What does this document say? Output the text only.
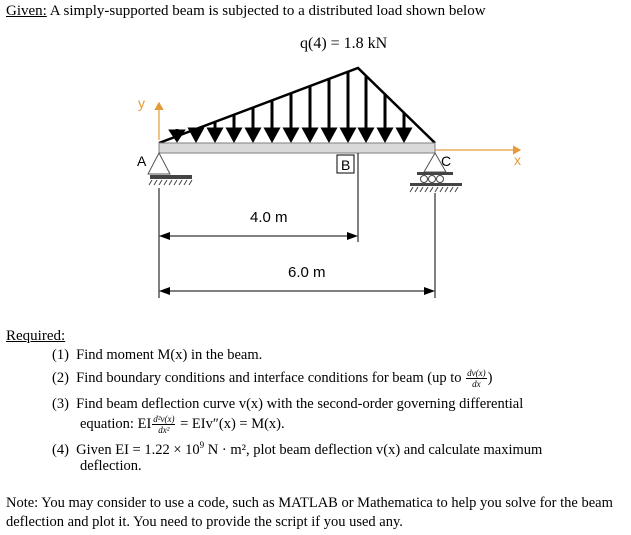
Given: A simply-supported beam is subjected to a distributed load shown below
q(4) = 1.8 kN
y
x
A	C
B
4.0 m
6.0 m
Required:
(1) Find moment M(x) in the beam.
(2) Find boundary conditions and interface conditions for beam (up to $\frac{dv(x)}{dx}$ )
(3) Find beam deflection curve v(x) with the second-order governing differential
equation: EI $\frac{\text{d²v(x)}}{\text{dx²}} = EIv''(x) = M(x)$.
(4) Given EI = $1.22 \times 10^9$ N · m², plot beam deflection v(x) and calculate maximum
deflection.
Note: You may consider to use a code, such as MATLAB or Mathematica to help you solve for the beam deflection and plot it. You need to provide the script if you used any.
